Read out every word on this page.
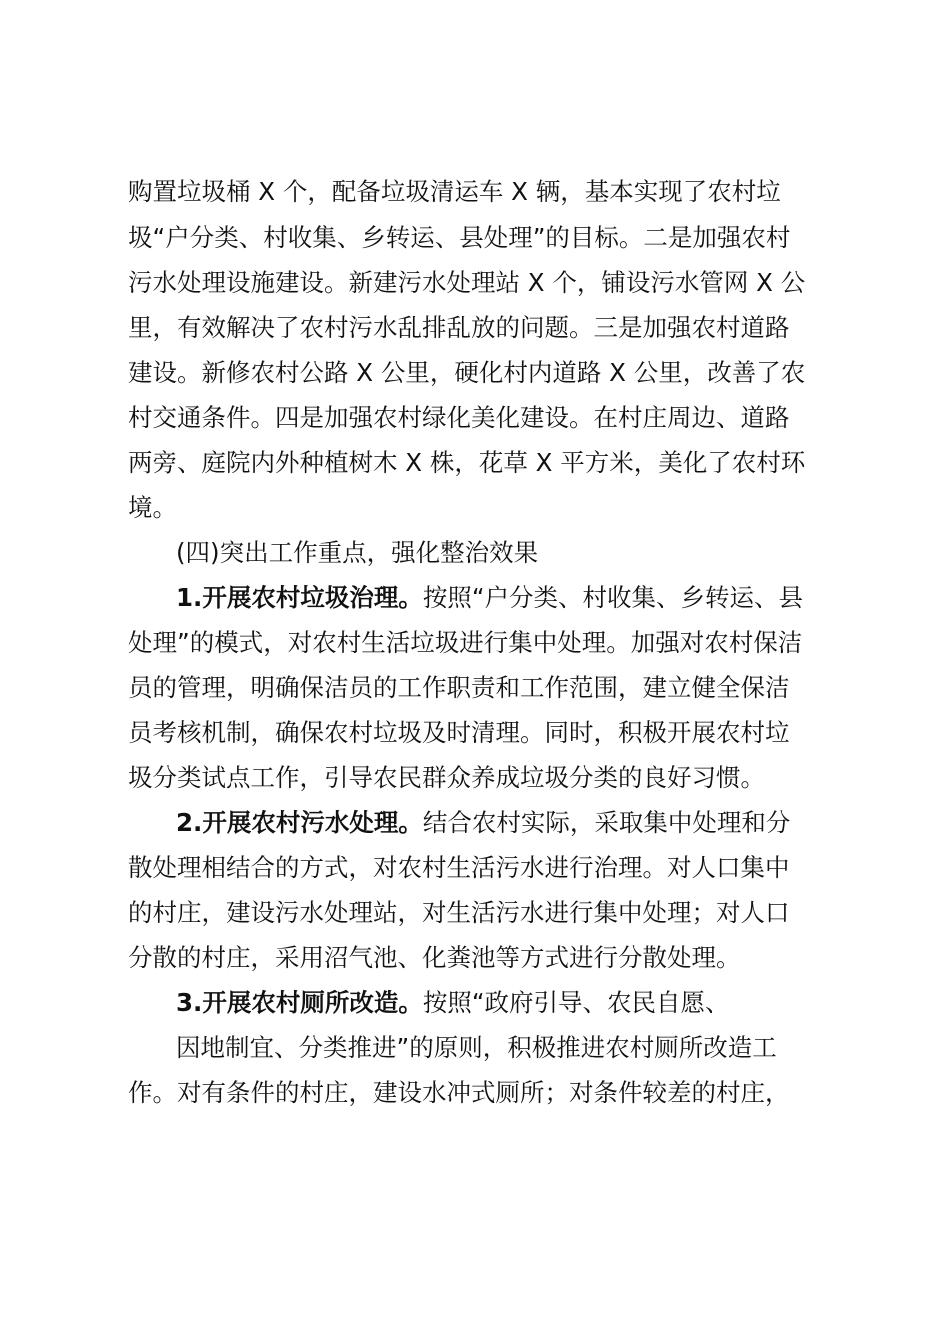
购置垃圾桶 X 个，配备垃圾清运车 X 辆，基本实现了农村垃
圾“户分类、村收集、乡转运、县处理”的目标。二是加强农村
污水处理设施建设。新建污水处理站 X 个，铺设污水管网 X 公
里，有效解决了农村污水乱排乱放的问题。三是加强农村道路
建设。新修农村公路 X 公里，硬化村内道路 X 公里，改善了农
村交通条件。四是加强农村绿化美化建设。在村庄周边、道路
两旁、庭院内外种植树木 X 株，花草 X 平方米，美化了农村环
境。
(四)突出工作重点，强化整治效果
1.开展农村垃圾治理。按照“户分类、村收集、乡转运、县
处理”的模式，对农村生活垃圾进行集中处理。加强对农村保洁
员的管理，明确保洁员的工作职责和工作范围，建立健全保洁
员考核机制，确保农村垃圾及时清理。同时，积极开展农村垃
圾分类试点工作，引导农民群众养成垃圾分类的良好习惯。
2.开展农村污水处理。结合农村实际，采取集中处理和分
散处理相结合的方式，对农村生活污水进行治理。对人口集中
的村庄，建设污水处理站，对生活污水进行集中处理；对人口
分散的村庄，采用沼气池、化粪池等方式进行分散处理。
3.开展农村厕所改造。按照“政府引导、农民自愿、
因地制宜、分类推进”的原则，积极推进农村厕所改造工
作。对有条件的村庄，建设水冲式厕所；对条件较差的村庄，
